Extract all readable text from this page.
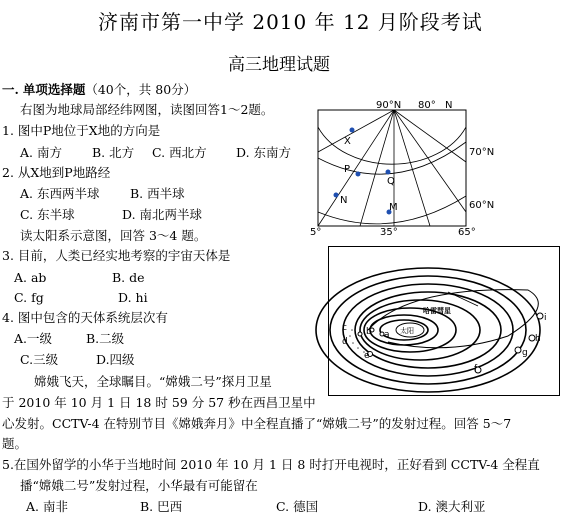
济南市第一中学 2010 年 12 月阶段考试
高三地理试题
一. 单项选择题（40个，共 80分）
右图为地球局部经纬网图，读图回答1～2题。
1. 图中P地位于X地的方向是
A. 南方 B. 北方 C. 西北方 D. 东南方
2. 从X地到P地路经
A. 东西两半球 B. 西半球
C. 东半球	D. 南北两半球
读太阳系示意图，回答 3～4 题。
3. 目前，人类已经实地考察的宇宙天体是
A. ab	B. de
C. fg	D. hi
4. 图中包含的天体系统层次有
A.一级	B.二级
C.三级	D.四级
嫦娥飞天，全球瞩目。“嫦娥二号”探月卫星
于 2010 年 10 月 1 日 18 时 59 分 57 秒在西昌卫星中
心发射。CCTV-4 在特别节目《嫦娥奔月》中全程直播了“嫦娥二号”的发射过程。回答 5～7
题。
5.在国外留学的小华于当地时间 2010 年 10 月 1 日 8 时打开电视时，正好看到 CCTV-4 全程直
播“嫦娥二号”发射过程，小华最有可能留在
A. 南非	B. 巴西	C. 德国	D. 澳大利亚
X
P
Q
N
M
90°N 80° N
70°N
60°N
5°	35°	65°
太阳
哈雷彗星
a
b
c
d
e
f
g
h
i
